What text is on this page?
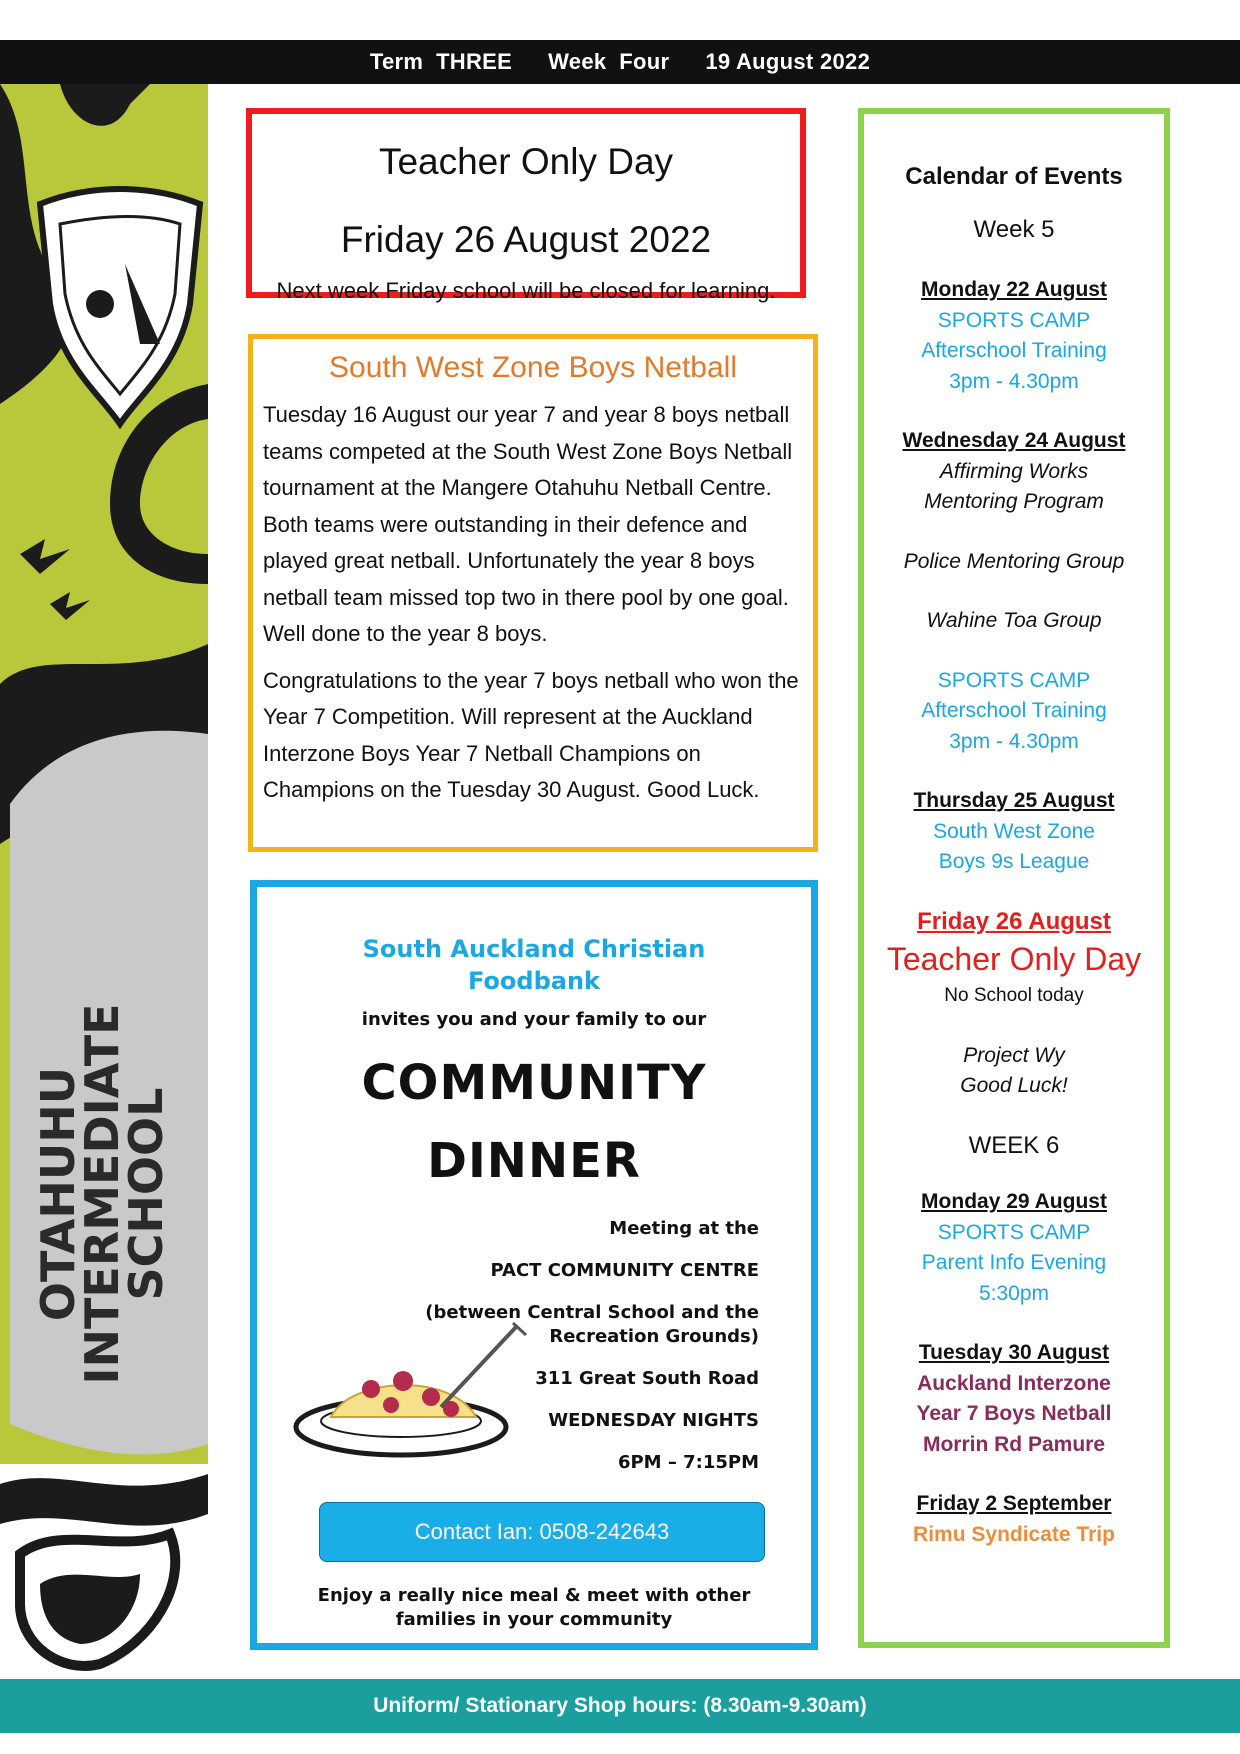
Term  THREE Week  Four 19 August 2022
OTAHUHU
INTERMEDIATE
SCHOOL
Teacher Only Day
Friday 26 August 2022
Next week Friday school will be closed for learning.
South West Zone Boys Netball

Tuesday 16 August our year 7 and year 8 boys netball teams competed at the South West Zone Boys Netball tournament at the Mangere Otahuhu Netball Centre. Both teams were outstanding in their defence and played great netball. Unfortunately the year 8 boys netball team missed top two in there pool by one goal. Well done to the year 8 boys.

Congratulations to the year 7 boys netball who won the Year 7 Competition. Will represent at the Auckland Interzone Boys Year 7 Netball Champions on Champions on the Tuesday 30 August. Good Luck.

South Auckland Christian
Foodbank
invites you and your family to our
COMMUNITY
DINNER
Meeting at the
PACT COMMUNITY CENTRE
(between Central School and the
Recreation Grounds)
311 Great South Road
WEDNESDAY NIGHTS
6PM – 7:15PM
Contact Ian: 0508-242643
Enjoy a really nice meal & meet with other
families in your community
Calendar of Events
Week 5
Monday 22 August
SPORTS CAMP
Afterschool Training
3pm - 4.30pm
Wednesday 24 August
Affirming Works
Mentoring Program
Police Mentoring Group
Wahine Toa Group
SPORTS CAMP
Afterschool Training
3pm - 4.30pm
Thursday 25 August
South West Zone
Boys 9s League
Friday 26 August
Teacher Only Day
No School today
Project Wy
Good Luck!
WEEK 6
Monday 29 August
SPORTS CAMP
Parent Info Evening
5:30pm
Tuesday 30 August
Auckland Interzone
Year 7 Boys Netball
Morrin Rd Pamure
Friday 2 September
Rimu Syndicate Trip
Uniform/ Stationary Shop hours: (8.30am-9.30am)
